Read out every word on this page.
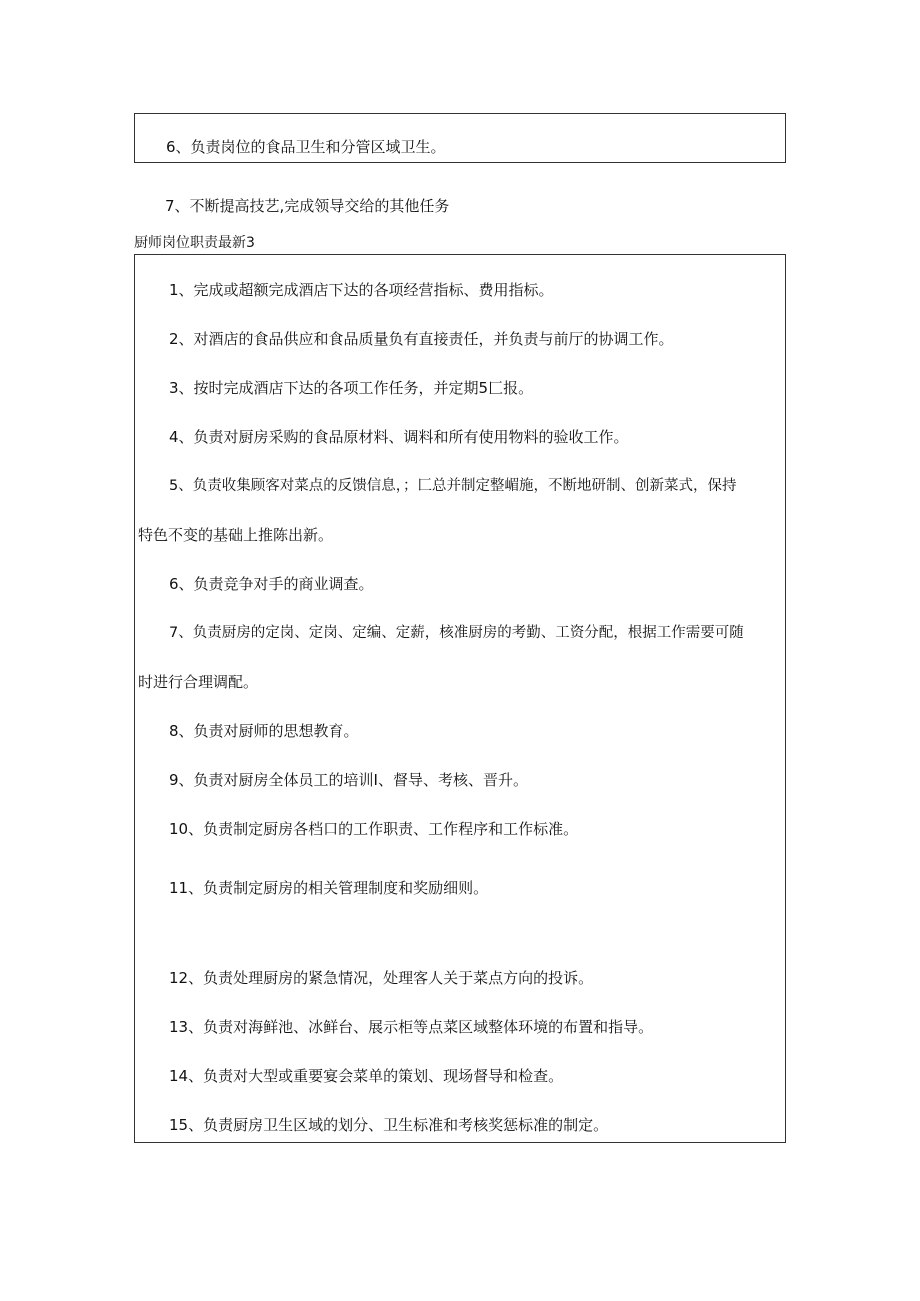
6、负责岗位的食品卫生和分管区域卫生。

7、不断提高技艺,完成领导交给的其他任务

厨师岗位职责最新3

1、完成或超额完成酒店下达的各项经营指标、费用指标。

2、对酒店的食品供应和食品质量负有直接责任，并负责与前厅的协调工作。

3、按时完成酒店下达的各项工作任务，并定期5匚报。

4、负责对厨房采购的食品原材料、调料和所有使用物料的验收工作。

5、负责收集顾客对菜点的反馈信息，；匚总并制定整嵋施，不断地研制、创新菜式，保持

特色不变的基础上推陈出新。

6、负责竞争对手的商业调查。

7、负责厨房的定岗、定岗、定编、定薪，核准厨房的考勤、工资分配，根据工作需要可随

时进行合理调配。

8、负责对厨师的思想教育。

9、负责对厨房全体员工的培训I、督导、考核、晋升。

10、负责制定厨房各档口的工作职责、工作程序和工作标准。

11、负责制定厨房的相关管理制度和奖励细则。

12、负责处理厨房的紧急情况，处理客人关于菜点方向的投诉。

13、负责对海鲜池、冰鲜台、展示柜等点菜区域整体环境的布置和指导。

14、负责对大型或重要宴会菜单的策划、现场督导和检查。

15、负责厨房卫生区域的划分、卫生标准和考核奖惩标准的制定。
